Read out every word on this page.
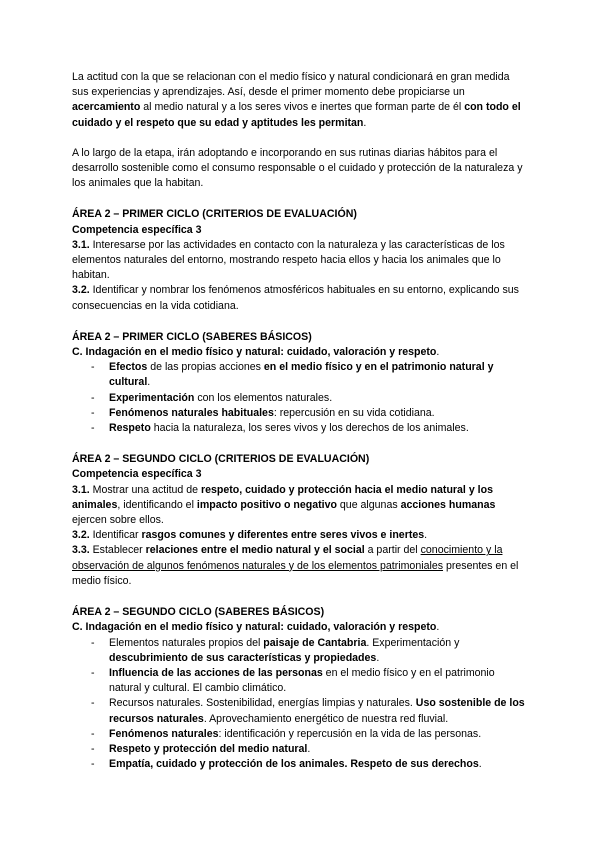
La actitud con la que se relacionan con el medio físico y natural condicionará en gran medida sus experiencias y aprendizajes. Así, desde el primer momento debe propiciarse un acercamiento al medio natural y a los seres vivos e inertes que forman parte de él con todo el cuidado y el respeto que su edad y aptitudes les permitan.

A lo largo de la etapa, irán adoptando e incorporando en sus rutinas diarias hábitos para el desarrollo sostenible como el consumo responsable o el cuidado y protección de la naturaleza y los animales que la habitan.

ÁREA 2 – PRIMER CICLO (CRITERIOS DE EVALUACIÓN)

Competencia específica 3

3.1. Interesarse por las actividades en contacto con la naturaleza y las características de los elementos naturales del entorno, mostrando respeto hacia ellos y hacia los animales que lo habitan.

3.2. Identificar y nombrar los fenómenos atmosféricos habituales en su entorno, explicando sus consecuencias en la vida cotidiana.

ÁREA 2 – PRIMER CICLO (SABERES BÁSICOS)

C. Indagación en el medio físico y natural: cuidado, valoración y respeto.

- Efectos de las propias acciones en el medio físico y en el patrimonio natural y cultural.
- Experimentación con los elementos naturales.
- Fenómenos naturales habituales: repercusión en su vida cotidiana.
- Respeto hacia la naturaleza, los seres vivos y los derechos de los animales.

ÁREA 2 – SEGUNDO CICLO (CRITERIOS DE EVALUACIÓN)

Competencia específica 3

3.1. Mostrar una actitud de respeto, cuidado y protección hacia el medio natural y los animales, identificando el impacto positivo o negativo que algunas acciones humanas ejercen sobre ellos.

3.2. Identificar rasgos comunes y diferentes entre seres vivos e inertes.

3.3. Establecer relaciones entre el medio natural y el social a partir del conocimiento y la observación de algunos fenómenos naturales y de los elementos patrimoniales presentes en el medio físico.

ÁREA 2 – SEGUNDO CICLO (SABERES BÁSICOS)

C. Indagación en el medio físico y natural: cuidado, valoración y respeto.

- Elementos naturales propios del paisaje de Cantabria. Experimentación y descubrimiento de sus características y propiedades.
- Influencia de las acciones de las personas en el medio físico y en el patrimonio natural y cultural. El cambio climático.
- Recursos naturales. Sostenibilidad, energías limpias y naturales. Uso sostenible de los recursos naturales. Aprovechamiento energético de nuestra red fluvial.
- Fenómenos naturales: identificación y repercusión en la vida de las personas.
- Respeto y protección del medio natural.
- Empatía, cuidado y protección de los animales. Respeto de sus derechos.
